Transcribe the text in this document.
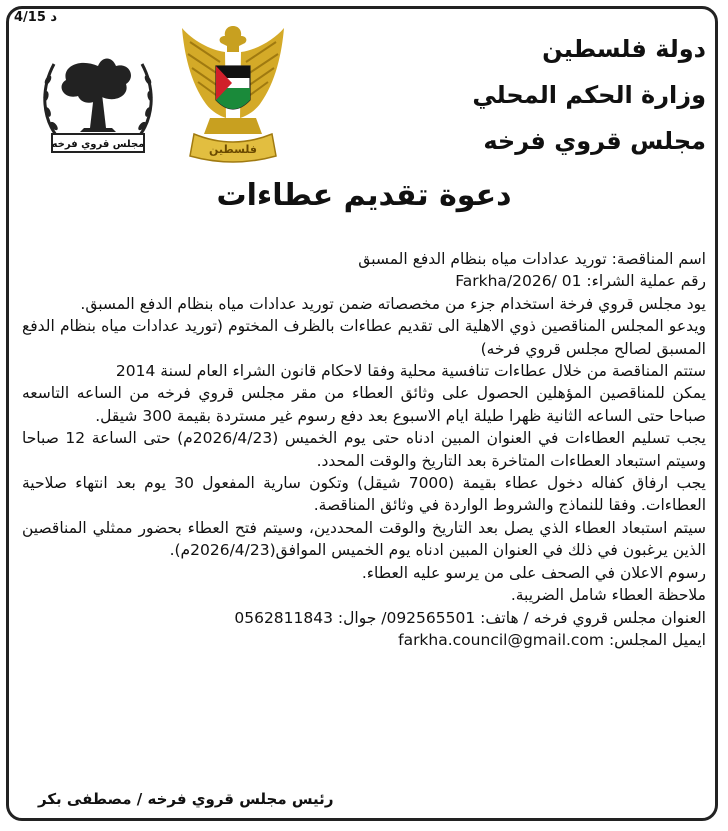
4/15 د
دولة فلسطين
وزارة الحكم المحلي
مجلس قروي فرخه
فلسطين
مجلس قروي فرخه
دعوة تقديم عطاءات

اسم المناقصة: توريد عدادات مياه بنظام الدفع المسبق

رقم عملية الشراء: Farkha/2026/ 01

يود مجلس قروي فرخة استخدام جزء من مخصصاته ضمن توريد عدادات مياه بنظام الدفع المسبق.

ويدعو المجلس المناقصين ذوي الاهلية الى تقديم عطاءات بالظرف المختوم (توريد عدادات مياه بنظام الدفع المسبق لصالح مجلس قروي فرخه)

ستتم المناقصة من خلال عطاءات تنافسية محلية وفقا لاحكام قانون الشراء العام لسنة 2014

يمكن للمناقصين المؤهلين الحصول على وثائق العطاء من مقر مجلس قروي فرخه من الساعه التاسعه صباحا حتى الساعه الثانية ظهرا طيلة ايام الاسبوع بعد دفع رسوم غير مستردة بقيمة 300 شيقل.

يجب تسليم العطاءات في العنوان المبين ادناه حتى يوم الخميس (2026/4/23م) حتى الساعة 12 صباحا وسيتم استبعاد العطاءات المتاخرة بعد التاريخ والوقت المحدد.

يجب ارفاق كفاله دخول عطاء بقيمة (7000 شيقل) وتكون سارية المفعول 30 يوم بعد انتهاء صلاحية العطاءات. وفقا للنماذج والشروط الواردة في وثائق المناقصة.

سيتم استبعاد العطاء الذي يصل بعد التاريخ والوقت المحددين، وسيتم فتح العطاء بحضور ممثلي المناقصين الذين يرغبون في ذلك في العنوان المبين ادناه يوم الخميس الموافق(2026/4/23م).

رسوم الاعلان في الصحف على من يرسو عليه العطاء.

ملاحظة العطاء شامل الضريبة.

العنوان مجلس قروي فرخه / هاتف: 092565501/ جوال: 0562811843

ايميل المجلس: farkha.council@gmail.com

رئيس مجلس قروي فرخه / مصطفى بكر
